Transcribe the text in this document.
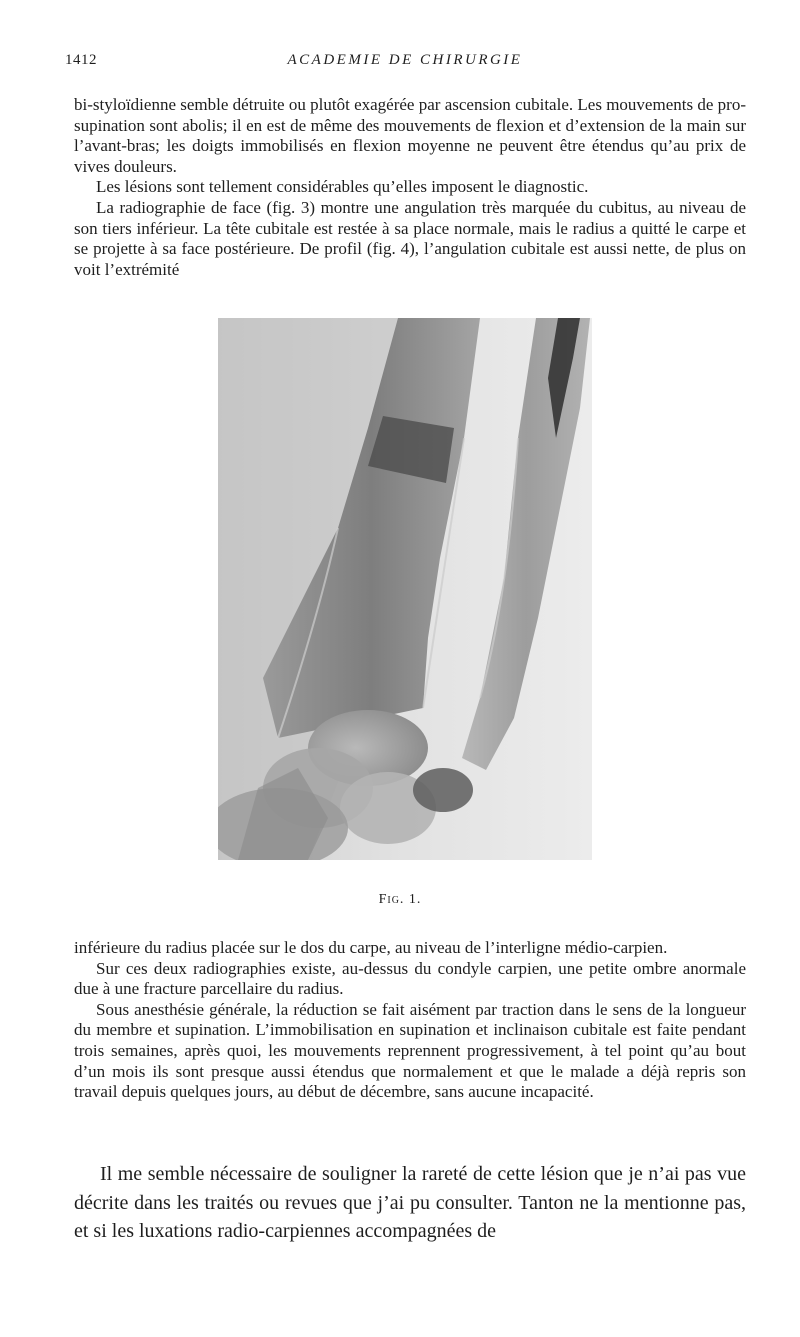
1412	ACADEMIE DE CHIRURGIE

bi-styloïdienne semble détruite ou plutôt exagérée par ascension cubitale. Les mouvements de pro-supination sont abolis; il en est de même des mouvements de flexion et d’extension de la main sur l’avant-bras; les doigts immobilisés en flexion moyenne ne peuvent être étendus qu’au prix de vives douleurs.

Les lésions sont tellement considérables qu’elles imposent le diagnostic.

La radiographie de face (fig. 3) montre une angulation très marquée du cubitus, au niveau de son tiers inférieur. La tête cubitale est restée à sa place normale, mais le radius a quitté le carpe et se projette à sa face postérieure. De profil (fig. 4), l’angulation cubitale est aussi nette, de plus on voit l’extrémité

Fig. 1.

inférieure du radius placée sur le dos du carpe, au niveau de l’interligne médio-carpien.

Sur ces deux radiographies existe, au-dessus du condyle carpien, une petite ombre anormale due à une fracture parcellaire du radius.

Sous anesthésie générale, la réduction se fait aisément par traction dans le sens de la longueur du membre et supination. L’immobilisation en supination et inclinaison cubitale est faite pendant trois semaines, après quoi, les mouvements reprennent progressivement, à tel point qu’au bout d’un mois ils sont presque aussi étendus que normalement et que le malade a déjà repris son travail depuis quelques jours, au début de décembre, sans aucune incapacité.

Il me semble nécessaire de souligner la rareté de cette lésion que je n’ai pas vue décrite dans les traités ou revues que j’ai pu consulter. Tanton ne la mentionne pas, et si les luxations radio-carpiennes accompagnées de
